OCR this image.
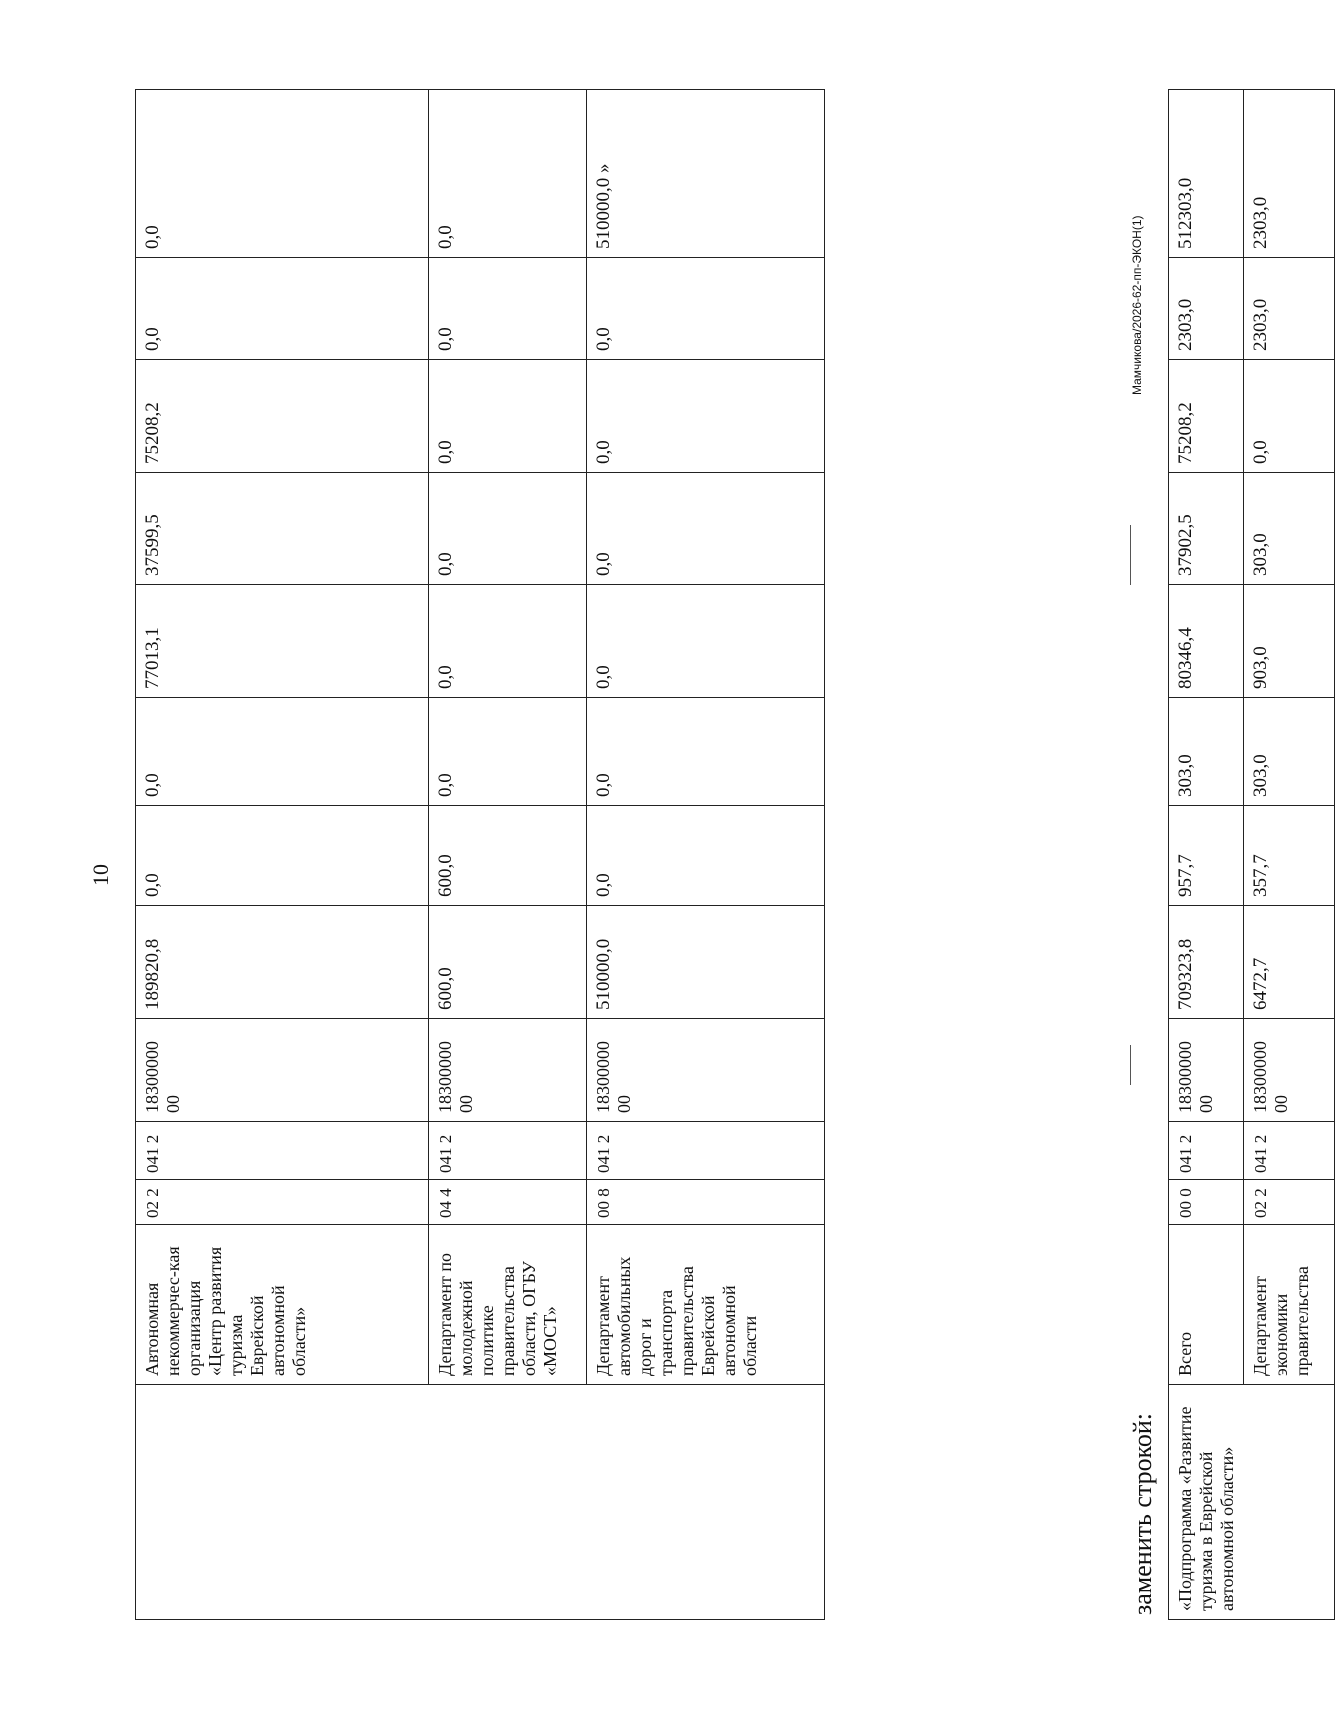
10
	Автономная некоммерчес-кая организация «Центр развития туризма Еврейской автономной области»	02 2	041 2	18300000 00	189820,8	0,0	0,0	77013,1	37599,5	75208,2	0,0	0,0
	Департамент по молодежной политике правительства области, ОГБУ «МОСТ»	04 4	041 2	18300000 00	600,0	600,0	0,0	0,0	0,0	0,0	0,0	0,0
	Департамент автомобильных дорог и транспорта правительства Еврейской автономной области	00 8	041 2	18300000 00	510000,0	0,0	0,0	0,0	0,0	0,0	0,0	510000,0 »
заменить строкой: «Подпрограмма «Развитие туризма в Еврейской автономной области»	Всего	00 0	041 2	18300000 00	709323,8	957,7	303,0	80346,4	37902,5	75208,2	2303,0	512303,0
	Департамент экономики правительства	02 2	041 2	18300000 00	6472,7	357,7	303,0	903,0	303,0	0,0	2303,0	2303,0
Мамчикова/2026-62-пп-ЭКОН(1)
